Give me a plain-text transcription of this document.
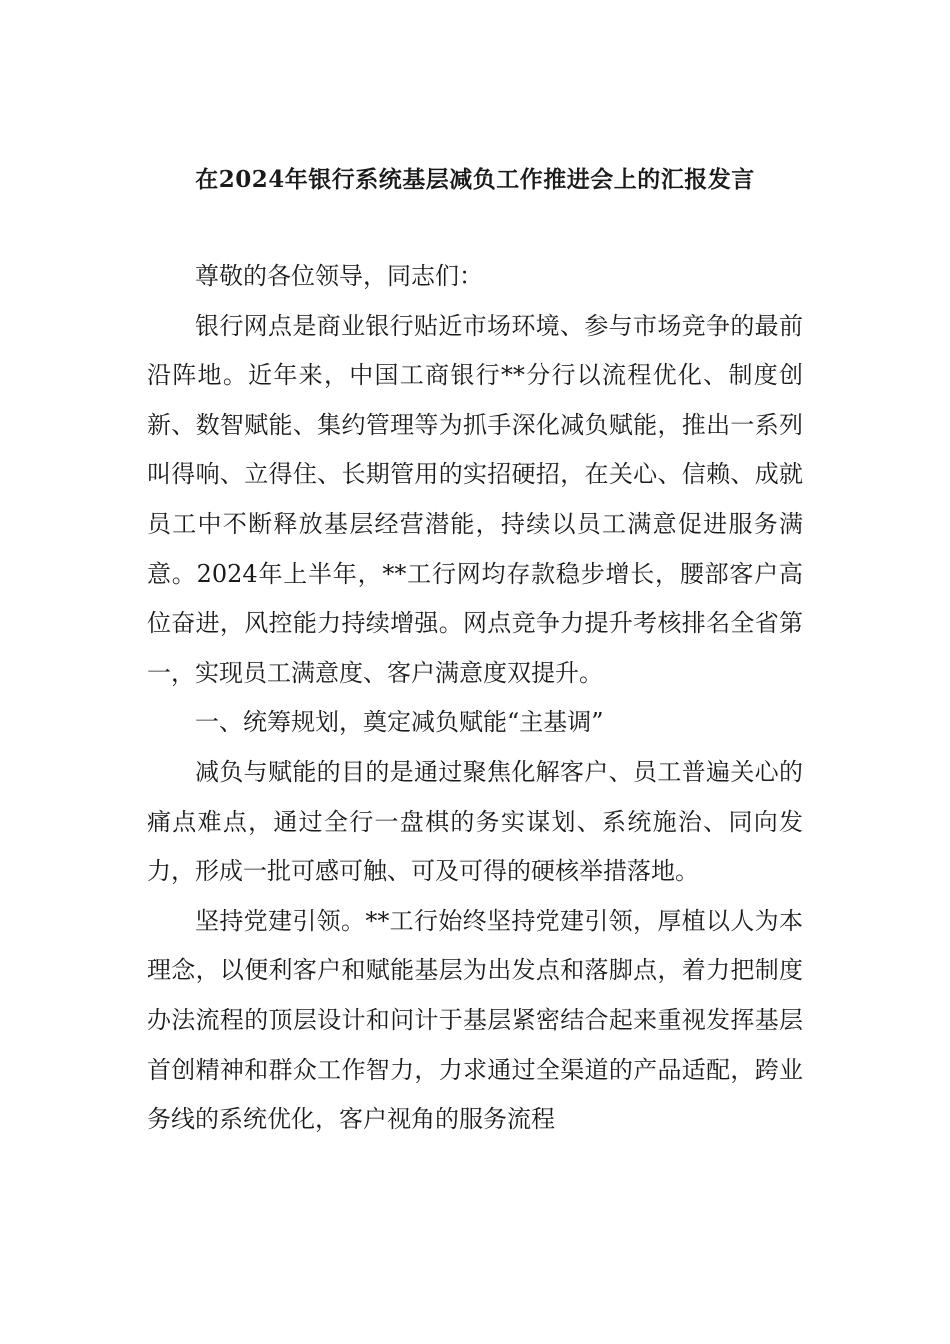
在2024年银行系统基层减负工作推进会上的汇报发言

尊敬的各位领导，同志们：

银行网点是商业银行贴近市场环境、参与市场竞争的最前沿阵地。近年来，中国工商银行**分行以流程优化、制度创新、数智赋能、集约管理等为抓手深化减负赋能，推出一系列叫得响、立得住、长期管用的实招硬招，在关心、信赖、成就员工中不断释放基层经营潜能，持续以员工满意促进服务满意。2024年上半年，**工行网均存款稳步增长，腰部客户高位奋进，风控能力持续增强。网点竞争力提升考核排名全省第一，实现员工满意度、客户满意度双提升。

一、统筹规划，奠定减负赋能“主基调”

减负与赋能的目的是通过聚焦化解客户、员工普遍关心的痛点难点，通过全行一盘棋的务实谋划、系统施治、同向发力，形成一批可感可触、可及可得的硬核举措落地。

坚持党建引领。**工行始终坚持党建引领，厚植以人为本理念，以便利客户和赋能基层为出发点和落脚点，着力把制度办法流程的顶层设计和问计于基层紧密结合起来重视发挥基层首创精神和群众工作智力，力求通过全渠道的产品适配，跨业务线的系统优化，客户视角的服务流程
